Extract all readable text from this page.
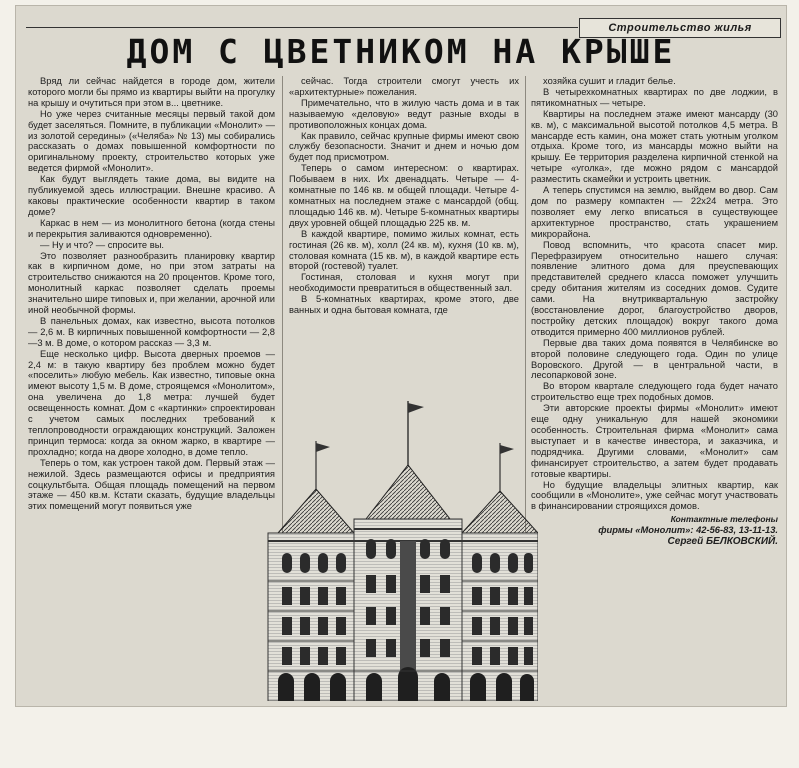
Строительство жилья
ДОМ С ЦВЕТНИКОМ НА КРЫШЕ

Вряд ли сейчас найдется в городе дом, жители которого могли бы прямо из квартиры выйти на прогулку на крышу и очутиться при этом в... цветнике.

Но уже через считанные месяцы первый такой дом будет заселяться. Помните, в публикации «Монолит» — из золотой середины» («Челяба» № 13) мы собирались рассказать о домах повышенной комфортности по оригинальному проекту, строительство которых уже ведется фирмой «Монолит».

Как будут выглядеть такие дома, вы видите на публикуемой здесь иллюстрации. Внешне красиво. А каковы практические особенности квартир в таком доме?

Каркас в нем — из монолитного бетона (когда стены и перекрытия заливаются одновременно).

— Ну и что? — спросите вы.

Это позволяет разнообразить планировку квартир как в кирпичном доме, но при этом затраты на строительство снижаются на 20 процентов. Кроме того, монолитный каркас позволяет сделать проемы значительно шире типовых и, при желании, арочной или иной необычной формы.

В панельных домах, как известно, высота потолков — 2,6 м. В кирпичных повышенной комфортности — 2,8—3 м. В доме, о котором рассказ — 3,3 м.

Еще несколько цифр. Высота дверных проемов — 2,4 м: в такую квартиру без проблем можно будет «поселить» любую мебель. Как известно, типовые окна имеют высоту 1,5 м. В доме, строящемся «Монолитом», она увеличена до 1,8 метра: лучшей будет освещенность комнат. Дом с «картинки» спроектирован с учетом самых последних требований к теплопроводности ограждающих конструкций. Заложен принцип термоса: когда за окном жарко, в квартире — прохладно; когда на дворе холодно, в доме тепло.

Теперь о том, как устроен такой дом. Первый этаж — нежилой. Здесь размещаются офисы и предприятия соцкультбыта. Общая площадь помещений на первом этаже — 450 кв.м. Кстати сказать, будущие владельцы этих помещений могут появиться уже

сейчас. Тогда строители смогут учесть их «архитектурные» пожелания.

Примечательно, что в жилую часть дома и в так называемую «деловую» ведут разные входы в противоположных концах дома.

Как правило, сейчас крупные фирмы имеют свою службу безопасности. Значит и днем и ночью дом будет под присмотром.

Теперь о самом интересном: о квартирах. Побываем в них. Их двенадцать. Четыре — 4-комнатные по 146 кв. м общей площади. Четыре 4-комнатных на последнем этаже с мансардой (общ. площадью 146 кв. м). Четыре 5-комнатных квартиры двух уровней общей площадью 225 кв. м.

В каждой квартире, помимо жилых комнат, есть гостиная (26 кв. м), холл (24 кв. м), кухня (10 кв. м), столовая комната (15 кв. м), в каждой квартире есть второй (гостевой) туалет.

Гостиная, столовая и кухня могут при необходимости превратиться в общественный зал.

В 5-комнатных квартирах, кроме этого, две ванных и одна бытовая комната, где

хозяйка сушит и гладит белье.

В четырехкомнатных квартирах по две лоджии, в пятикомнатных — четыре.

Квартиры на последнем этаже имеют мансарду (30 кв. м), с максимальной высотой потолков 4,5 метра. В мансарде есть камин, она может стать уютным уголком отдыха. Кроме того, из мансарды можно выйти на крышу. Ее территория разделена кирпичной стенкой на четыре «уголка», где можно рядом с мансардой разместить скамейки и устроить цветник.

А теперь спустимся на землю, выйдем во двор. Сам дом по размеру компактен — 22x24 метра. Это позволяет ему легко вписаться в существующее архитектурное пространство, стать украшением микрорайона.

Повод вспомнить, что красота спасет мир. Перефразируем относительно нашего случая: появление элитного дома для преуспевающих представителей среднего класса поможет улучшить среду обитания жителям из соседних домов. Судите сами. На внутриквартальную застройку (восстановление дорог, благоустройство дворов, постройку детских площадок) вокруг такого дома отводится примерно 400 миллионов рублей.

Первые два таких дома появятся в Челябинске во второй половине следующего года. Один по улице Воровского. Другой — в центральной части, в лесопарковой зоне.

Во втором квартале следующего года будет начато строительство еще трех подобных домов.

Эти авторские проекты фирмы «Монолит» имеют еще одну уникальную для нашей экономики особенность. Строительная фирма «Монолит» сама выступает и в качестве инвестора, и заказчика, и подрядчика. Другими словами, «Монолит» сам финансирует строительство, а затем будет продавать готовые квартиры.

Но будущие владельцы элитных квартир, как сообщили в «Монолите», уже сейчас могут участвовать в финансировании строящихся домов.

Контактные телефоны
фирмы «Монолит»: 42-56-83, 13-11-13.
Сергей БЕЛКОВСКИЙ.
